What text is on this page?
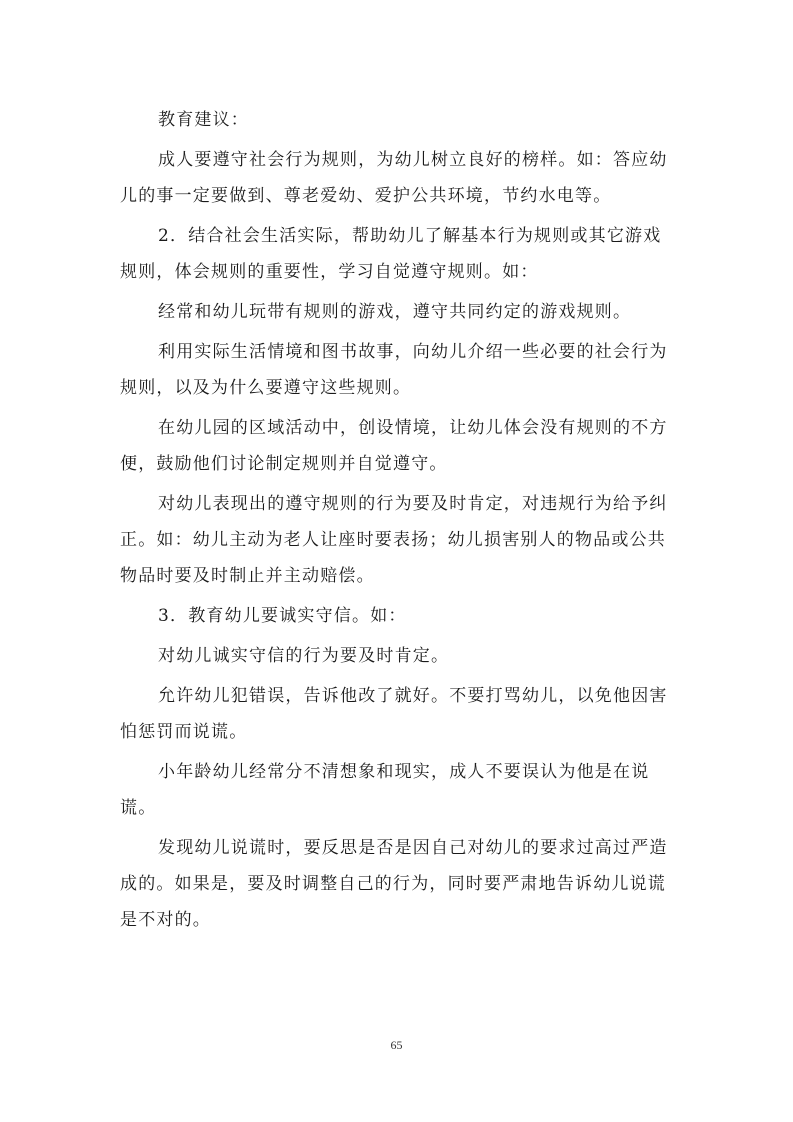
教育建议：

成人要遵守社会行为规则，为幼儿树立良好的榜样。如：答应幼

儿的事一定要做到、尊老爱幼、爱护公共环境，节约水电等。

2．结合社会生活实际，帮助幼儿了解基本行为规则或其它游戏

规则，体会规则的重要性，学习自觉遵守规则。如：

经常和幼儿玩带有规则的游戏，遵守共同约定的游戏规则。

利用实际生活情境和图书故事，向幼儿介绍一些必要的社会行为

规则，以及为什么要遵守这些规则。

在幼儿园的区域活动中，创设情境，让幼儿体会没有规则的不方

便，鼓励他们讨论制定规则并自觉遵守。

对幼儿表现出的遵守规则的行为要及时肯定，对违规行为给予纠

正。如：幼儿主动为老人让座时要表扬；幼儿损害别人的物品或公共

物品时要及时制止并主动赔偿。

3．教育幼儿要诚实守信。如：

对幼儿诚实守信的行为要及时肯定。

允许幼儿犯错误，告诉他改了就好。不要打骂幼儿，以免他因害

怕惩罚而说谎。

小年龄幼儿经常分不清想象和现实，成人不要误认为他是在说

谎。

发现幼儿说谎时，要反思是否是因自己对幼儿的要求过高过严造

成的。如果是，要及时调整自己的行为，同时要严肃地告诉幼儿说谎

是不对的。

65
